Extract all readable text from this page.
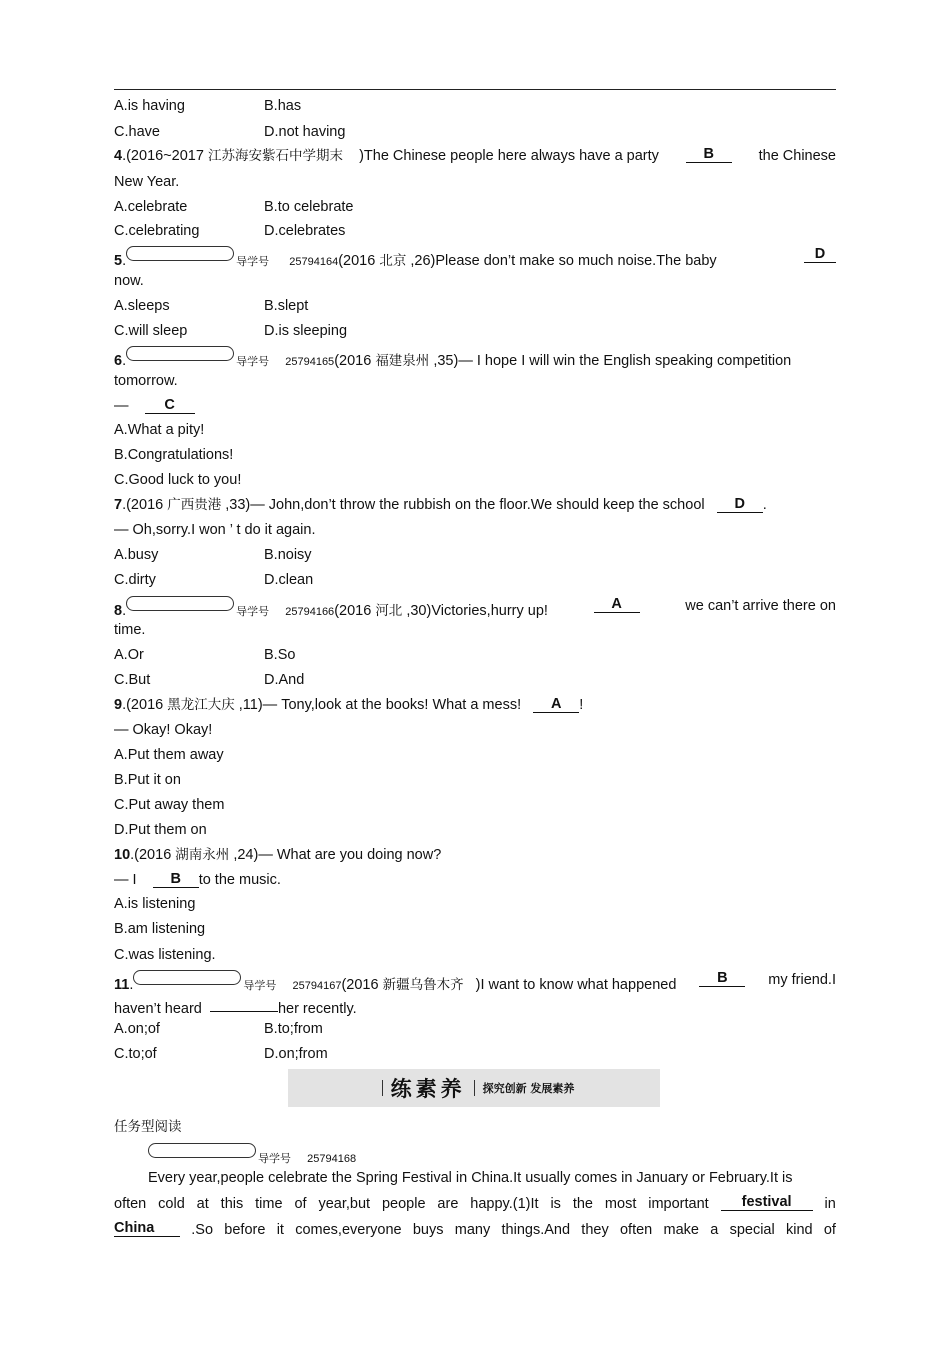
A.is having	B.has
C.have	D.not having
4.(2016~2017 江苏海安紫石中学期末 )The Chinese people here always have a party	B	the Chinese
New Year.
A.celebrate	B.to celebrate
C.celebrating	D.celebrates
5.	导学号 25794164(2016 北京 ,26)Please don’t make so much noise.The baby	D
now.
A.sleeps	B.slept
C.will sleep	D.is sleeping
6.	导学号 25794165(2016 福建泉州 ,35)— I hope I will win the English speaking competition
tomorrow.
— C
A.What a pity!
B.Congratulations!
C.Good luck to you!
7.(2016 广西贵港 ,33)— John,don’t throw the rubbish on the floor.We should keep the school D .
— Oh,sorry.I won ’ t do it again.
A.busy	B.noisy
C.dirty	D.clean
8.	导学号 25794166(2016 河北 ,30)Victories,hurry up!	A	we can’t arrive there on
time.
A.Or	B.So
C.But	D.And
9.(2016 黑龙江大庆 ,11)— Tony,look at the books! What a mess! A !
— Okay! Okay!
A.Put them away
B.Put it on
C.Put away them
D.Put them on
10.(2016 湖南永州 ,24)— What are you doing now?
— I B to the music.
A.is listening
B.am listening
C.was listening.
11.	导学号 25794167(2016 新疆乌鲁木齐 )I want to know what happened	B	my friend.I
haven’t heard	her recently.
A.on;of	B.to;from
C.to;of	D.on;from
练素养 探究创新 发展素养
任务型阅读
导学号 25794168
Every year,people celebrate the Spring Festival in China.It usually comes in January or February.It is
often cold at this time of year,but people are happy.(1)It is the most important	festival	in
China	.So before it comes,everyone buys many things.And they often make a special kind of
